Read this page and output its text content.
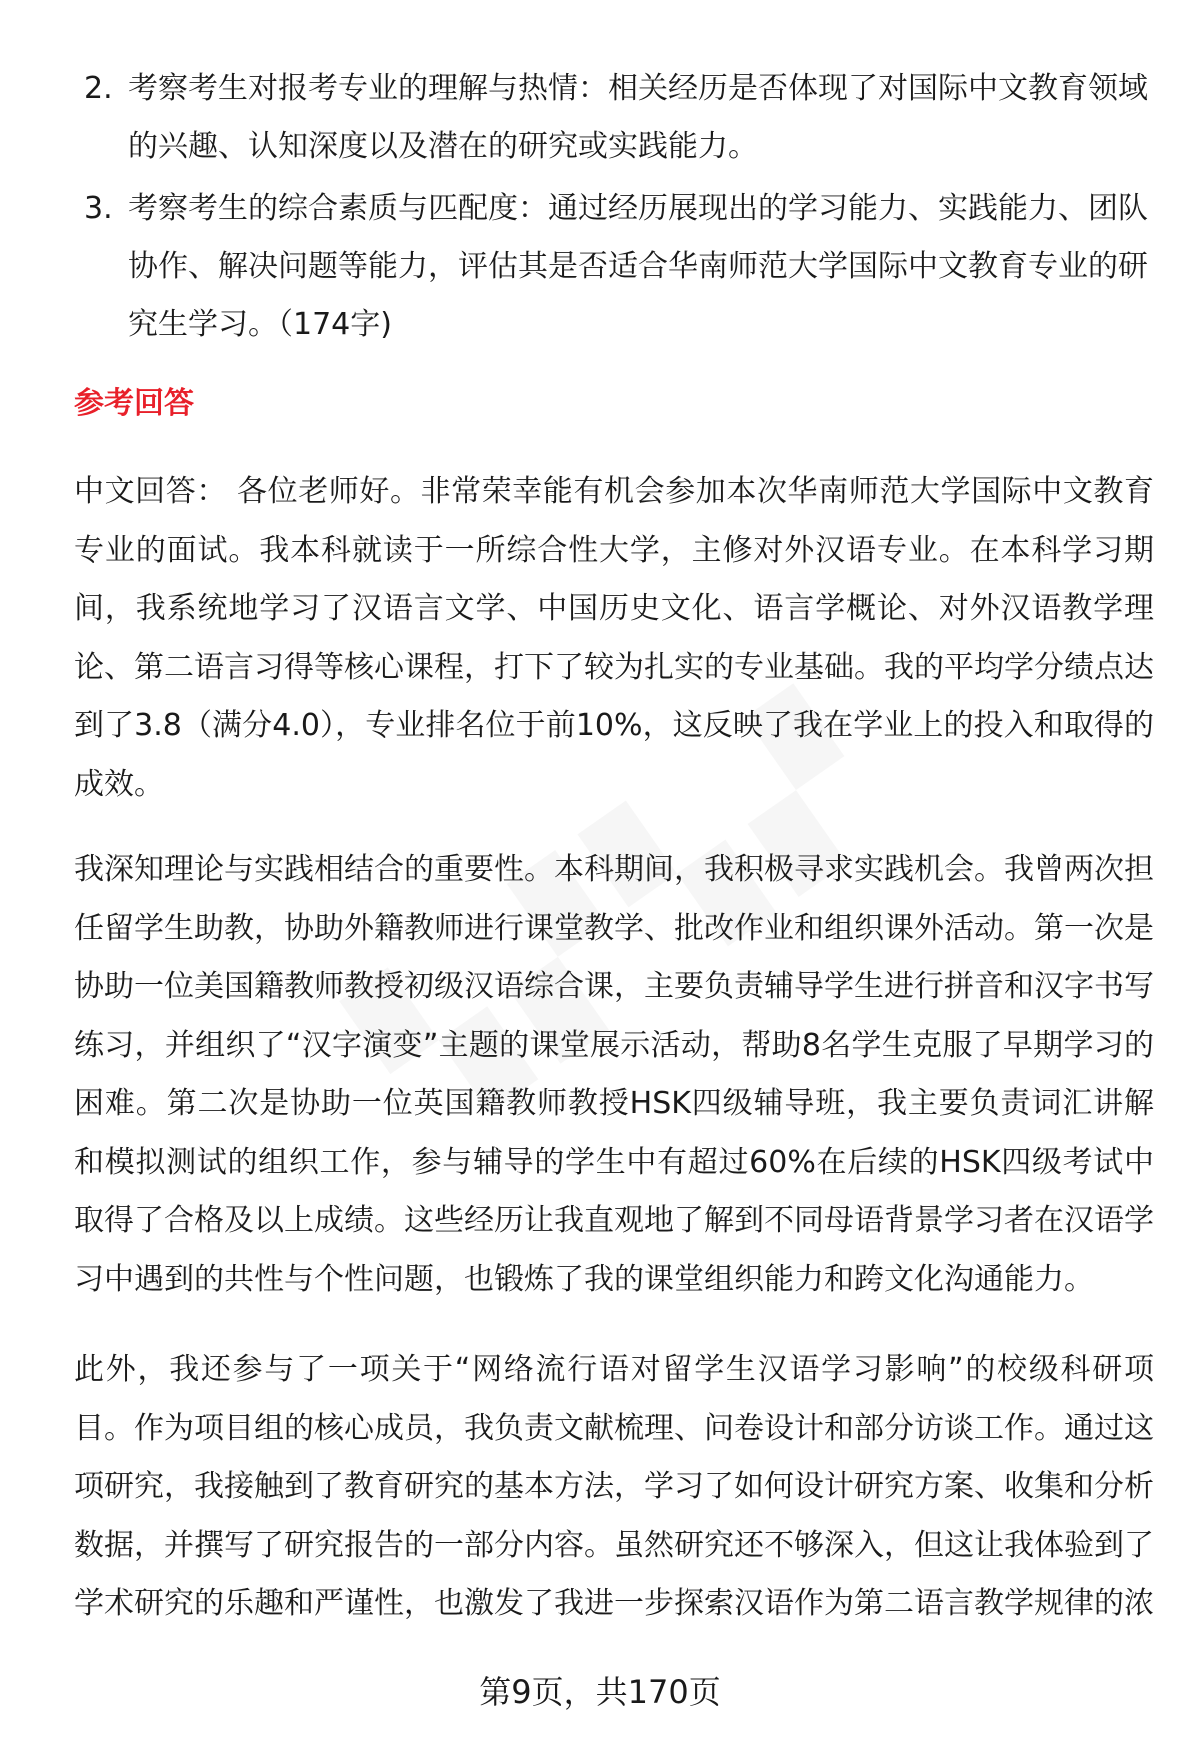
2. 考察考生对报考专业的理解与热情：相关经历是否体现了对国际中文教育领域的兴趣、认知深度以及潜在的研究或实践能力。
3. 考察考生的综合素质与匹配度：通过经历展现出的学习能力、实践能力、团队协作、解决问题等能力，评估其是否适合华南师范大学国际中文教育专业的研究生学习。（174字)
参考回答
中文回答： 各位老师好。非常荣幸能有机会参加本次华南师范大学国际中文教育专业的面试。我本科就读于一所综合性大学，主修对外汉语专业。在本科学习期间，我系统地学习了汉语言文学、中国历史文化、语言学概论、对外汉语教学理论、第二语言习得等核心课程，打下了较为扎实的专业基础。我的平均学分绩点达到了3.8（满分4.0），专业排名位于前10%，这反映了我在学业上的投入和取得的成效。
我深知理论与实践相结合的重要性。本科期间，我积极寻求实践机会。我曾两次担任留学生助教，协助外籍教师进行课堂教学、批改作业和组织课外活动。第一次是协助一位美国籍教师教授初级汉语综合课，主要负责辅导学生进行拼音和汉字书写练习，并组织了“汉字演变”主题的课堂展示活动，帮助8名学生克服了早期学习的困难。第二次是协助一位英国籍教师教授HSK四级辅导班，我主要负责词汇讲解和模拟测试的组织工作，参与辅导的学生中有超过60%在后续的HSK四级考试中取得了合格及以上成绩。这些经历让我直观地了解到不同母语背景学习者在汉语学习中遇到的共性与个性问题，也锻炼了我的课堂组织能力和跨文化沟通能力。
此外，我还参与了一项关于“网络流行语对留学生汉语学习影响”的校级科研项目。作为项目组的核心成员，我负责文献梳理、问卷设计和部分访谈工作。通过这项研究，我接触到了教育研究的基本方法，学习了如何设计研究方案、收集和分析数据，并撰写了研究报告的一部分内容。虽然研究还不够深入，但这让我体验到了学术研究的乐趣和严谨性，也激发了我进一步探索汉语作为第二语言教学规律的浓
第9页，共170页
